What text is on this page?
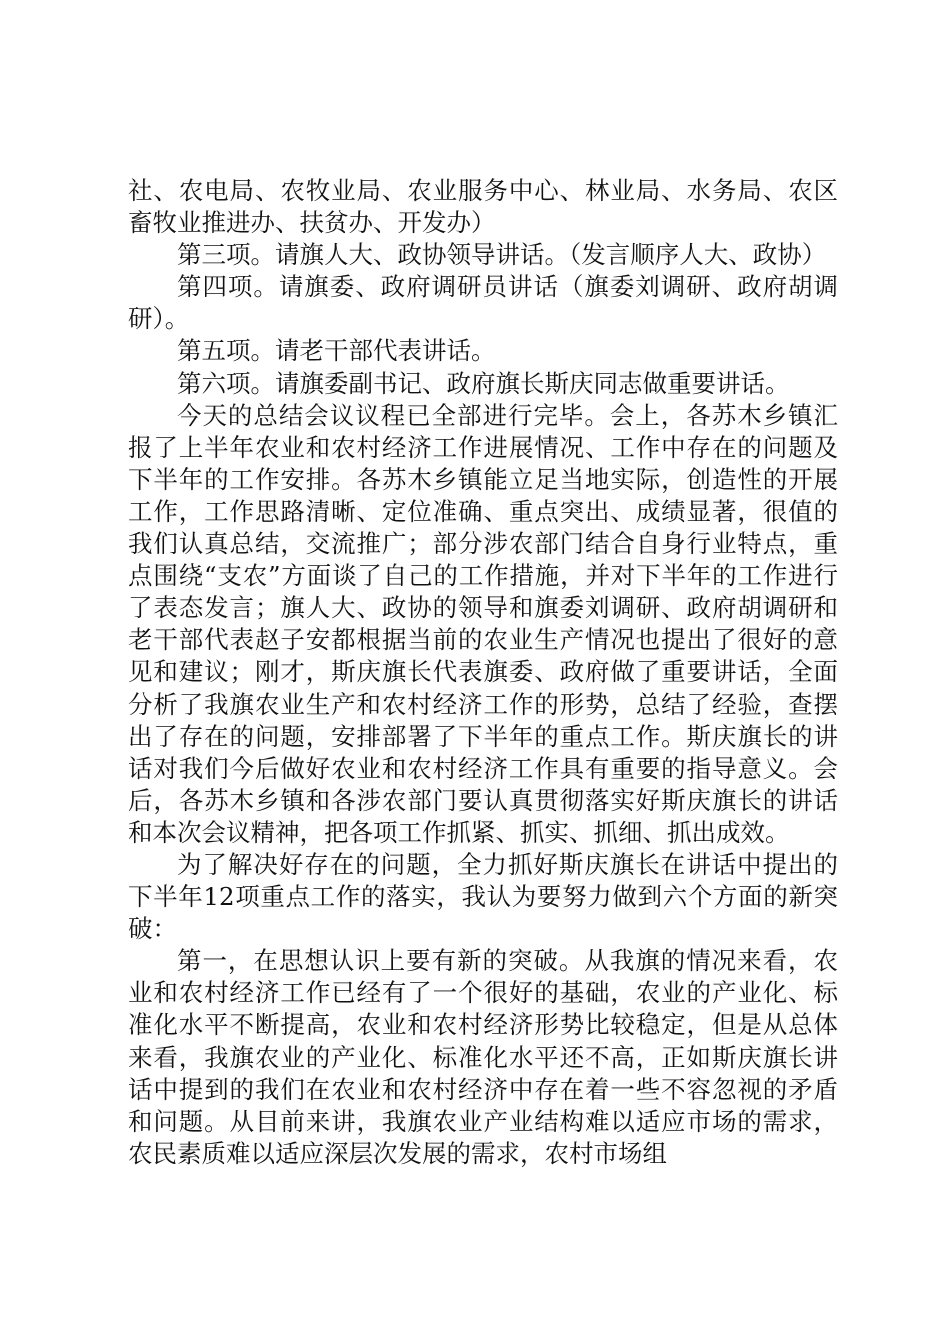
社、农电局、农牧业局、农业服务中心、林业局、水务局、农区畜牧业推进办、扶贫办、开发办）

第三项。请旗人大、政协领导讲话。（发言顺序人大、政协）

第四项。请旗委、政府调研员讲话（旗委刘调研、政府胡调研）。

第五项。请老干部代表讲话。

第六项。请旗委副书记、政府旗长斯庆同志做重要讲话。

今天的总结会议议程已全部进行完毕。会上，各苏木乡镇汇报了上半年农业和农村经济工作进展情况、工作中存在的问题及下半年的工作安排。各苏木乡镇能立足当地实际，创造性的开展工作，工作思路清晰、定位准确、重点突出、成绩显著，很值的我们认真总结，交流推广；部分涉农部门结合自身行业特点，重点围绕“支农”方面谈了自己的工作措施，并对下半年的工作进行了表态发言；旗人大、政协的领导和旗委刘调研、政府胡调研和老干部代表赵子安都根据当前的农业生产情况也提出了很好的意见和建议；刚才，斯庆旗长代表旗委、政府做了重要讲话，全面分析了我旗农业生产和农村经济工作的形势，总结了经验，查摆出了存在的问题，安排部署了下半年的重点工作。斯庆旗长的讲话对我们今后做好农业和农村经济工作具有重要的指导意义。会后，各苏木乡镇和各涉农部门要认真贯彻落实好斯庆旗长的讲话和本次会议精神，把各项工作抓紧、抓实、抓细、抓出成效。

为了解决好存在的问题，全力抓好斯庆旗长在讲话中提出的下半年12项重点工作的落实，我认为要努力做到六个方面的新突破：

第一，在思想认识上要有新的突破。从我旗的情况来看，农业和农村经济工作已经有了一个很好的基础，农业的产业化、标准化水平不断提高，农业和农村经济形势比较稳定，但是从总体来看，我旗农业的产业化、标准化水平还不高，正如斯庆旗长讲话中提到的我们在农业和农村经济中存在着一些不容忽视的矛盾和问题。从目前来讲，我旗农业产业结构难以适应市场的需求，农民素质难以适应深层次发展的需求，农村市场组
